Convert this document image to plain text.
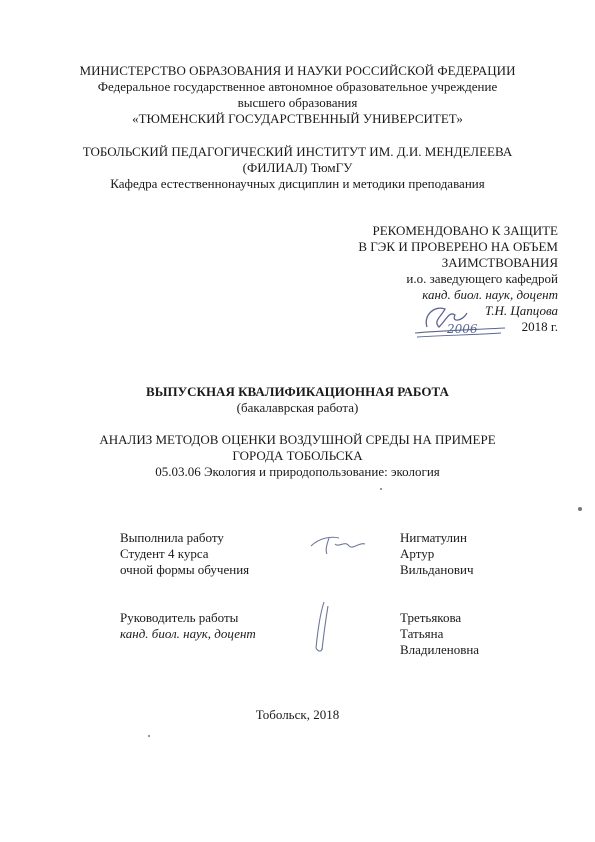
МИНИСТЕРСТВО ОБРАЗОВАНИЯ И НАУКИ РОССИЙСКОЙ ФЕДЕРАЦИИ
Федеральное государственное автономное образовательное учреждение
высшего образования
«ТЮМЕНСКИЙ ГОСУДАРСТВЕННЫЙ УНИВЕРСИТЕТ»
ТОБОЛЬСКИЙ ПЕДАГОГИЧЕСКИЙ ИНСТИТУТ ИМ. Д.И. МЕНДЕЛЕЕВА
(ФИЛИАЛ) ТюмГУ
Кафедра естественнонаучных дисциплин и методики преподавания
РЕКОМЕНДОВАНО К ЗАЩИТЕ
В ГЭК И ПРОВЕРЕНО НА ОБЪЕМ
ЗАИМСТВОВАНИЯ
и.о. заведующего кафедрой
канд. биол. наук, доцент
Т.Н. Цапцова
2018 г.
2006
ВЫПУСКНАЯ КВАЛИФИКАЦИОННАЯ РАБОТА
(бакалаврская работа)
АНАЛИЗ МЕТОДОВ ОЦЕНКИ ВОЗДУШНОЙ СРЕДЫ НА ПРИМЕРЕ
ГОРОДА ТОБОЛЬСКА
05.03.06 Экология и природопользование: экология
Выполнила работу
Студент 4 курса
очной формы обучения
Нигматулин
Артур
Вильданович
Руководитель работы
канд. биол. наук, доцент
Третьякова
Татьяна
Владиленовна
Тобольск, 2018
